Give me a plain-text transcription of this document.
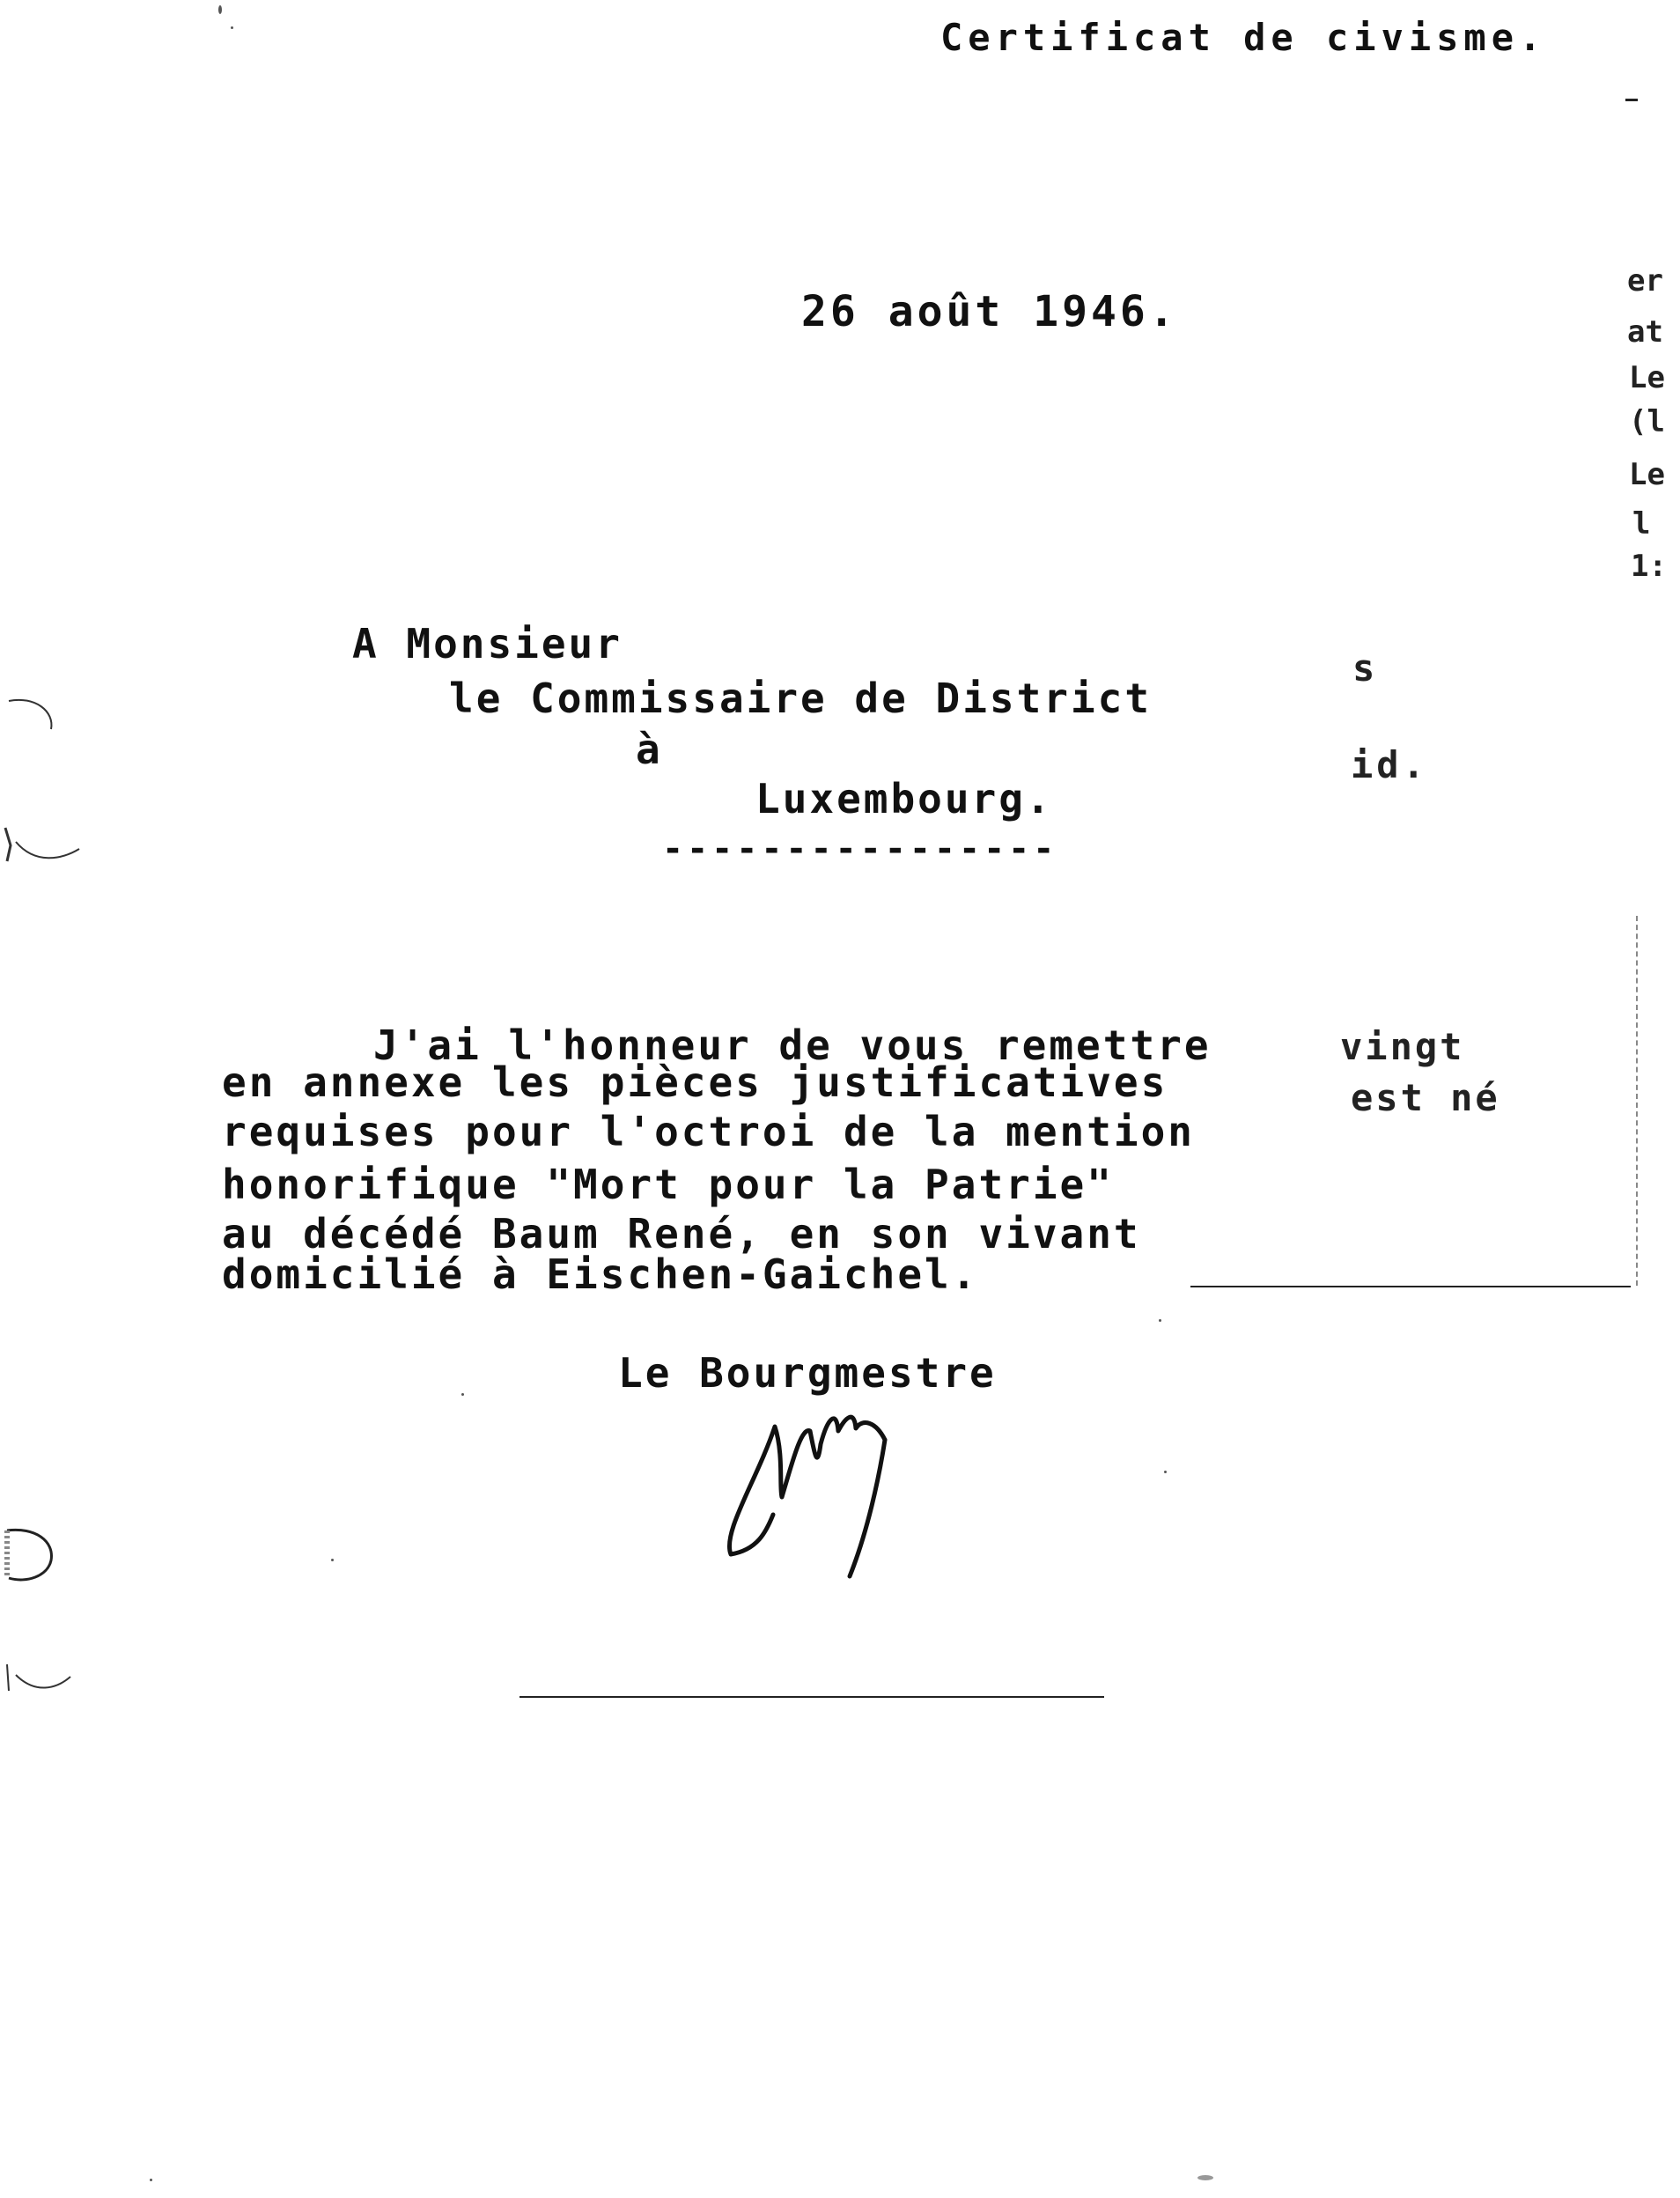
Certificat de civisme.
26 août 1946.
A Monsieur
le Commissaire de District
à
Luxembourg.
----------------
J'ai l'honneur de vous remettre
en annexe les pièces justificatives
requises pour l'octroi de la mention
honorifique "Mort pour la Patrie"
au décédé Baum René, en son vivant
domicilié à Eischen-Gaichel.
Le Bourgmestre
s
id.
vingt
est né
er
at
Le
(l
Le
l
1:
